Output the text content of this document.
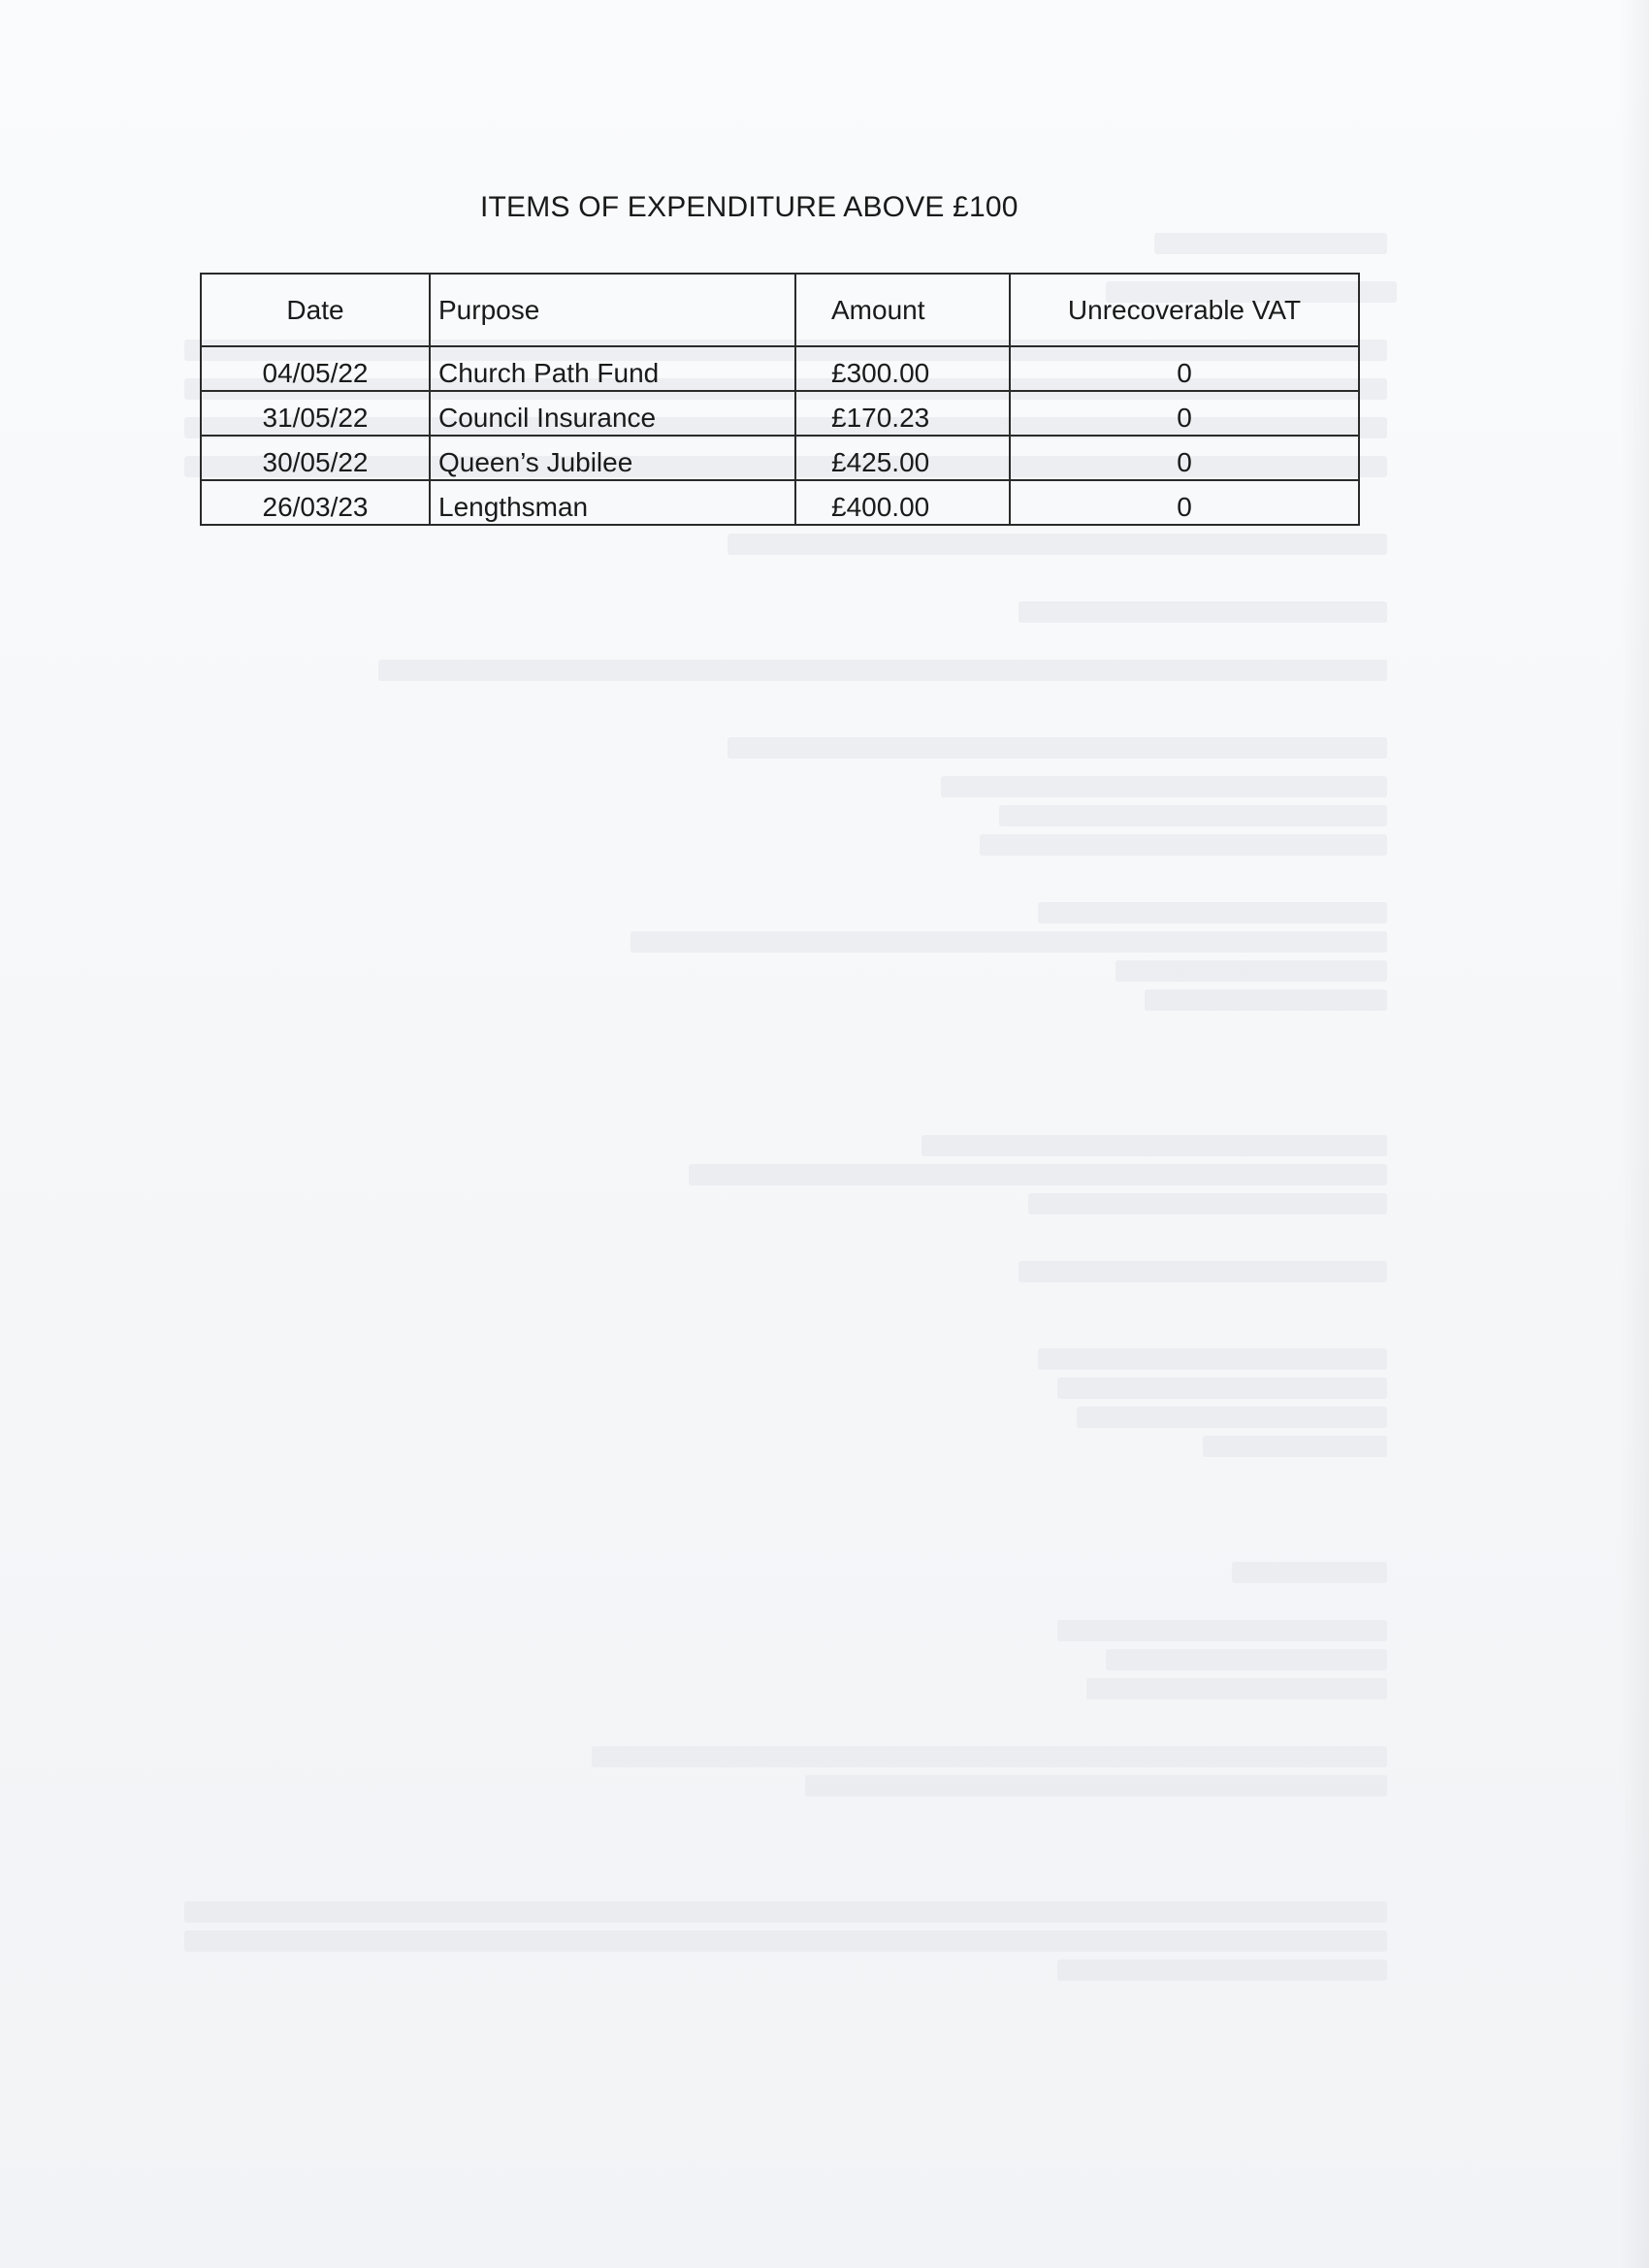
ITEMS OF EXPENDITURE ABOVE £100
Date	Purpose	Amount	Unrecoverable VAT
04/05/22	Church Path Fund	£300.00	0
31/05/22	Council Insurance	£170.23	0
30/05/22	Queen’s Jubilee	£425.00	0
26/03/23	Lengthsman	£400.00	0
